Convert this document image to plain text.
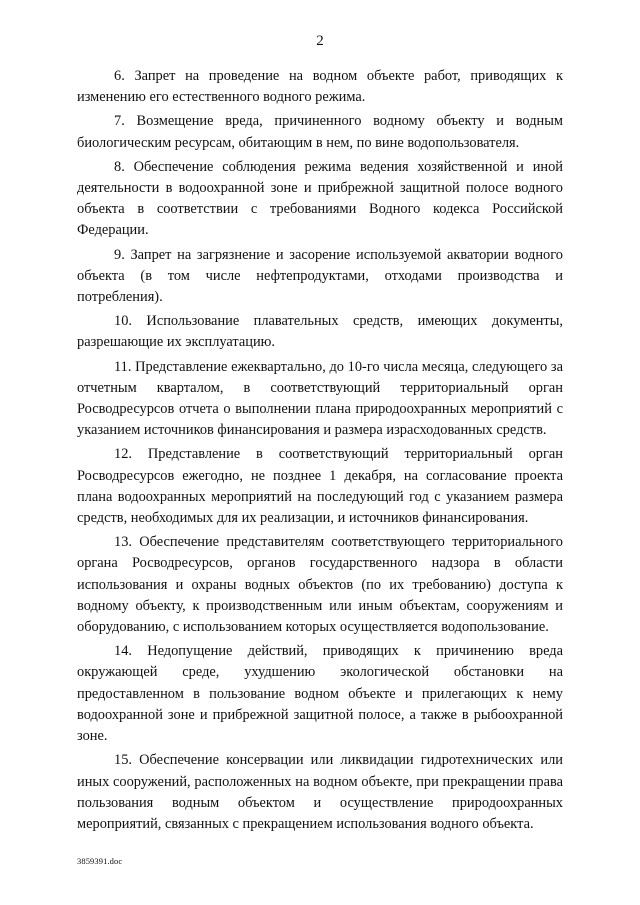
2

6. Запрет на проведение на водном объекте работ, приводящих к изменению его естественного водного режима.

7. Возмещение вреда, причиненного водному объекту и водным биологическим ресурсам, обитающим в нем, по вине водопользователя.

8. Обеспечение соблюдения режима ведения хозяйственной и иной деятельности в водоохранной зоне и прибрежной защитной полосе водного объекта в соответствии с требованиями Водного кодекса Российской Федерации.

9. Запрет на загрязнение и засорение используемой акватории водного объекта (в том числе нефтепродуктами, отходами производства и потребления).

10. Использование плавательных средств, имеющих документы, разрешающие их эксплуатацию.

11. Представление ежеквартально, до 10-го числа месяца, следующего за отчетным кварталом, в соответствующий территориальный орган Росводресурсов отчета о выполнении плана природоохранных мероприятий с указанием источников финансирования и размера израсходованных средств.

12. Представление в соответствующий территориальный орган Росводресурсов ежегодно, не позднее 1 декабря, на согласование проекта плана водоохранных мероприятий на последующий год с указанием размера средств, необходимых для их реализации, и источников финансирования.

13. Обеспечение представителям соответствующего территориального органа Росводресурсов, органов государственного надзора в области использования и охраны водных объектов (по их требованию) доступа к водному объекту, к производственным или иным объектам, сооружениям и оборудованию, с использованием которых осуществляется водопользование.

14. Недопущение действий, приводящих к причинению вреда окружающей среде, ухудшению экологической обстановки на предоставленном в пользование водном объекте и прилегающих к нему водоохранной зоне и прибрежной защитной полосе, а также в рыбоохранной зоне.

15. Обеспечение консервации или ликвидации гидротехнических или иных сооружений, расположенных на водном объекте, при прекращении права пользования водным объектом и осуществление природоохранных мероприятий, связанных с прекращением использования водного объекта.

3859391.doc
